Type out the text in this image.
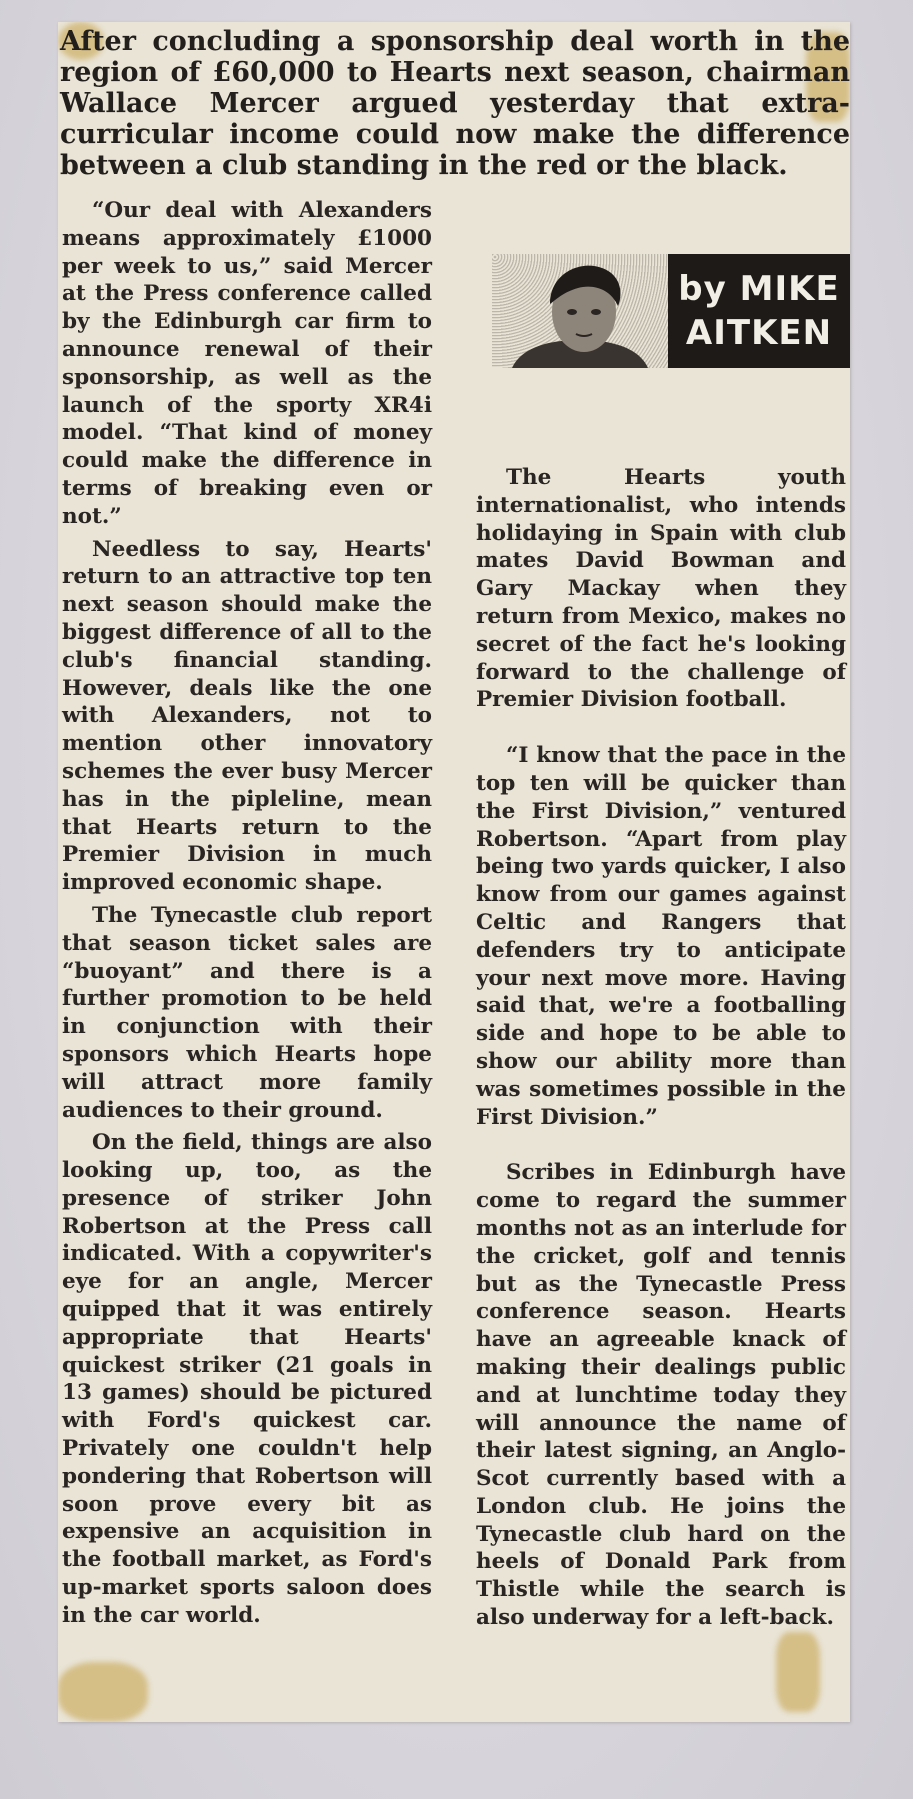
After concluding a sponsorship deal worth in the region of £60,000 to Hearts next season, chairman Wallace Mercer argued yesterday that extra-curricular income could now make the difference between a club standing in the red or the black.

“Our deal with Alexanders means approximately £1000 per week to us,” said Mercer at the Press conference called by the Edinburgh car firm to announce renewal of their sponsorship, as well as the launch of the sporty XR4i model. “That kind of money could make the difference in terms of breaking even or not.”

Needless to say, Hearts' return to an attractive top ten next season should make the biggest difference of all to the club's financial standing. However, deals like the one with Alexanders, not to mention other innovatory schemes the ever busy Mercer has in the pipleline, mean that Hearts return to the Premier Division in much improved economic shape.

The Tynecastle club report that season ticket sales are “buoyant” and there is a further promotion to be held in conjunction with their sponsors which Hearts hope will attract more family audiences to their ground.

On the field, things are also looking up, too, as the presence of striker John Robertson at the Press call indicated. With a copywriter's eye for an angle, Mercer quipped that it was entirely appropriate that Hearts' quickest striker (21 goals in 13 games) should be pictured with Ford's quickest car. Privately one couldn't help pondering that Robertson will soon prove every bit as expensive an acquisition in the football market, as Ford's up-market sports saloon does in the car world.

by MIKE
AITKEN

The Hearts youth internationalist, who intends holidaying in Spain with club mates David Bowman and Gary Mackay when they return from Mexico, makes no secret of the fact he's looking forward to the challenge of Premier Division football.

“I know that the pace in the top ten will be quicker than the First Division,” ventured Robertson. “Apart from play being two yards quicker, I also know from our games against Celtic and Rangers that defenders try to anticipate your next move more. Having said that, we're a footballing side and hope to be able to show our ability more than was sometimes possible in the First Division.”

Scribes in Edinburgh have come to regard the summer months not as an interlude for the cricket, golf and tennis but as the Tynecastle Press conference season. Hearts have an agreeable knack of making their dealings public and at lunchtime today they will announce the name of their latest signing, an Anglo-Scot currently based with a London club. He joins the Tynecastle club hard on the heels of Donald Park from Thistle while the search is also underway for a left-back.
